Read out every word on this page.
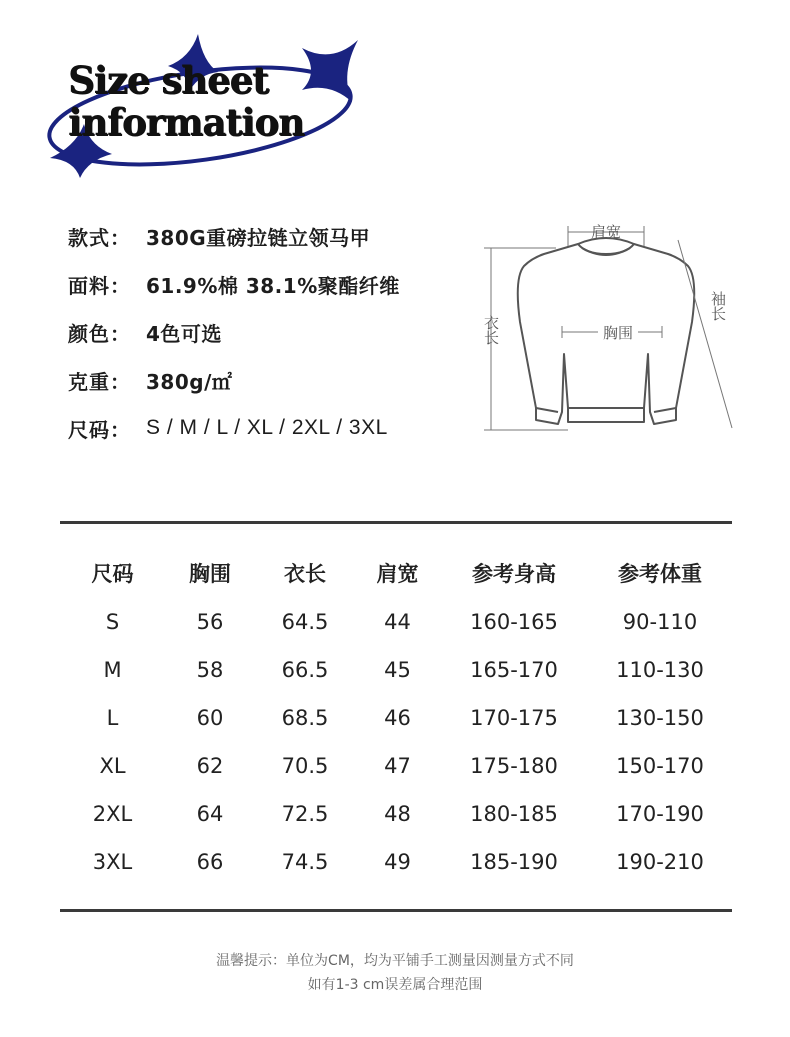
Size sheet
information
款式： 380G重磅拉链立领马甲
面料： 61.9%棉 38.1%聚酯纤维
颜色： 4色可选
克重： 380g/㎡
尺码： S / M / L / XL / 2XL / 3XL
肩宽
胸围
衣长
袖长
尺码	胸围	衣长	肩宽	参考身高	参考体重
S	56	64.5	44	160-165	90-110
M	58	66.5	45	165-170	110-130
L	60	68.5	46	170-175	130-150
XL	62	70.5	47	175-180	150-170
2XL	64	72.5	48	180-185	170-190
3XL	66	74.5	49	185-190	190-210
温馨提示：单位为CM，均为平铺手工测量因测量方式不同
如有1-3 cm误差属合理范围
